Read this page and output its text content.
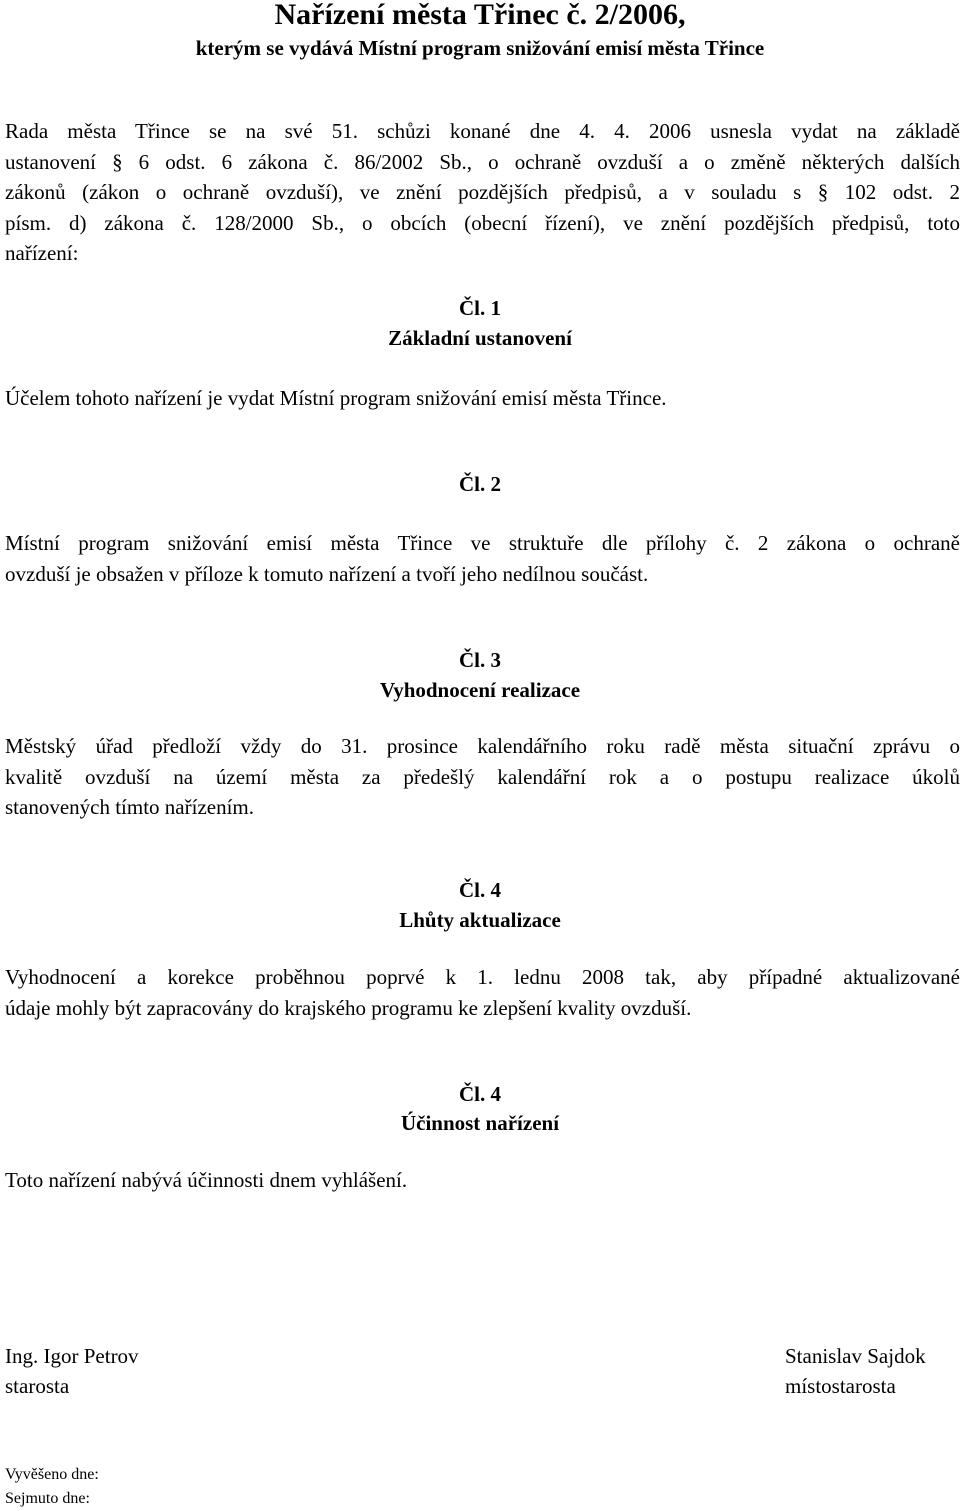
Nařízení města Třinec č. 2/2006,
kterým se vydává Místní program snižování emisí města Třince
Rada města Třince se na své 51. schůzi konané dne 4. 4. 2006 usnesla vydat na základě
ustanovení § 6 odst. 6 zákona č. 86/2002 Sb., o ochraně ovzduší a o změně některých dalších
zákonů (zákon o ochraně ovzduší), ve znění pozdějších předpisů, a v souladu s § 102 odst. 2
písm. d) zákona č. 128/2000 Sb., o obcích (obecní řízení), ve znění pozdějších předpisů, toto
nařízení:
Čl. 1
Základní ustanovení
Účelem tohoto nařízení je vydat Místní program snižování emisí města Třince.
Čl. 2
Místní program snižování emisí města Třince ve struktuře dle přílohy č. 2 zákona o ochraně
ovzduší je obsažen v příloze k tomuto nařízení a tvoří jeho nedílnou součást.
Čl. 3
Vyhodnocení realizace
Městský úřad předloží vždy do 31. prosince kalendářního roku radě města situační zprávu o
kvalitě ovzduší na území města za předešlý kalendářní rok a o postupu realizace úkolů
stanovených tímto nařízením.
Čl. 4
Lhůty aktualizace
Vyhodnocení a korekce proběhnou poprvé k 1. lednu 2008 tak, aby případné aktualizované
údaje mohly být zapracovány do krajského programu ke zlepšení kvality ovzduší.
Čl. 4
Účinnost nařízení
Toto nařízení nabývá účinnosti dnem vyhlášení.
Ing. Igor Petrov
starosta
Stanislav Sajdok
místostarosta
Vyvěšeno dne:
Sejmuto dne:
